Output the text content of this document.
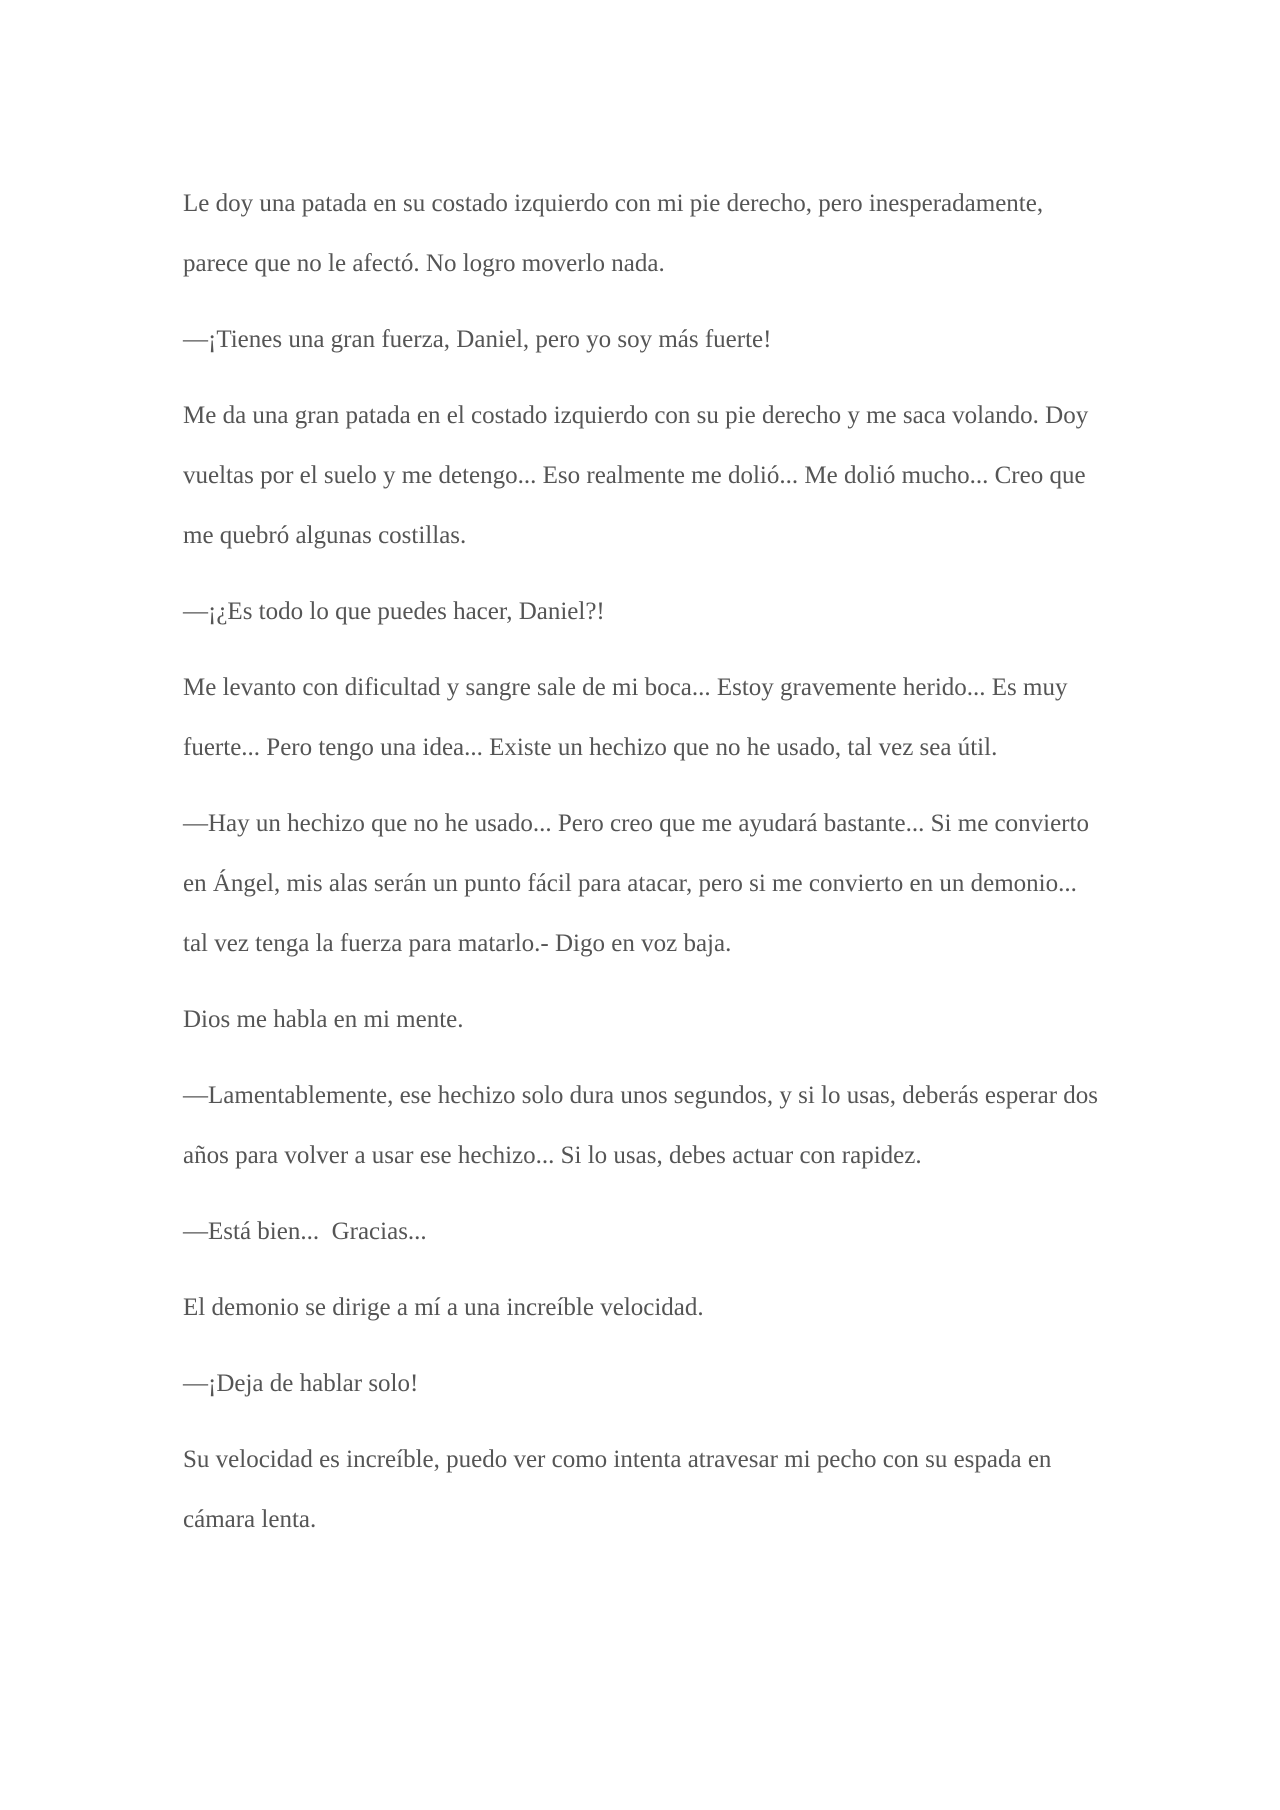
Le doy una patada en su costado izquierdo con mi pie derecho, pero inesperadamente, parece que no le afectó. No logro moverlo nada.

—¡Tienes una gran fuerza, Daniel, pero yo soy más fuerte!

Me da una gran patada en el costado izquierdo con su pie derecho y me saca volando. Doy vueltas por el suelo y me detengo... Eso realmente me dolió... Me dolió mucho... Creo que me quebró algunas costillas.

—¡¿Es todo lo que puedes hacer, Daniel?!

Me levanto con dificultad y sangre sale de mi boca... Estoy gravemente herido... Es muy fuerte... Pero tengo una idea... Existe un hechizo que no he usado, tal vez sea útil.

—Hay un hechizo que no he usado... Pero creo que me ayudará bastante... Si me convierto en Ángel, mis alas serán un punto fácil para atacar, pero si me convierto en un demonio... tal vez tenga la fuerza para matarlo.- Digo en voz baja.

Dios me habla en mi mente.

—Lamentablemente, ese hechizo solo dura unos segundos, y si lo usas, deberás esperar dos años para volver a usar ese hechizo... Si lo usas, debes actuar con rapidez.

—Está bien...  Gracias...

El demonio se dirige a mí a una increíble velocidad.

—¡Deja de hablar solo!

Su velocidad es increíble, puedo ver como intenta atravesar mi pecho con su espada en cámara lenta.
